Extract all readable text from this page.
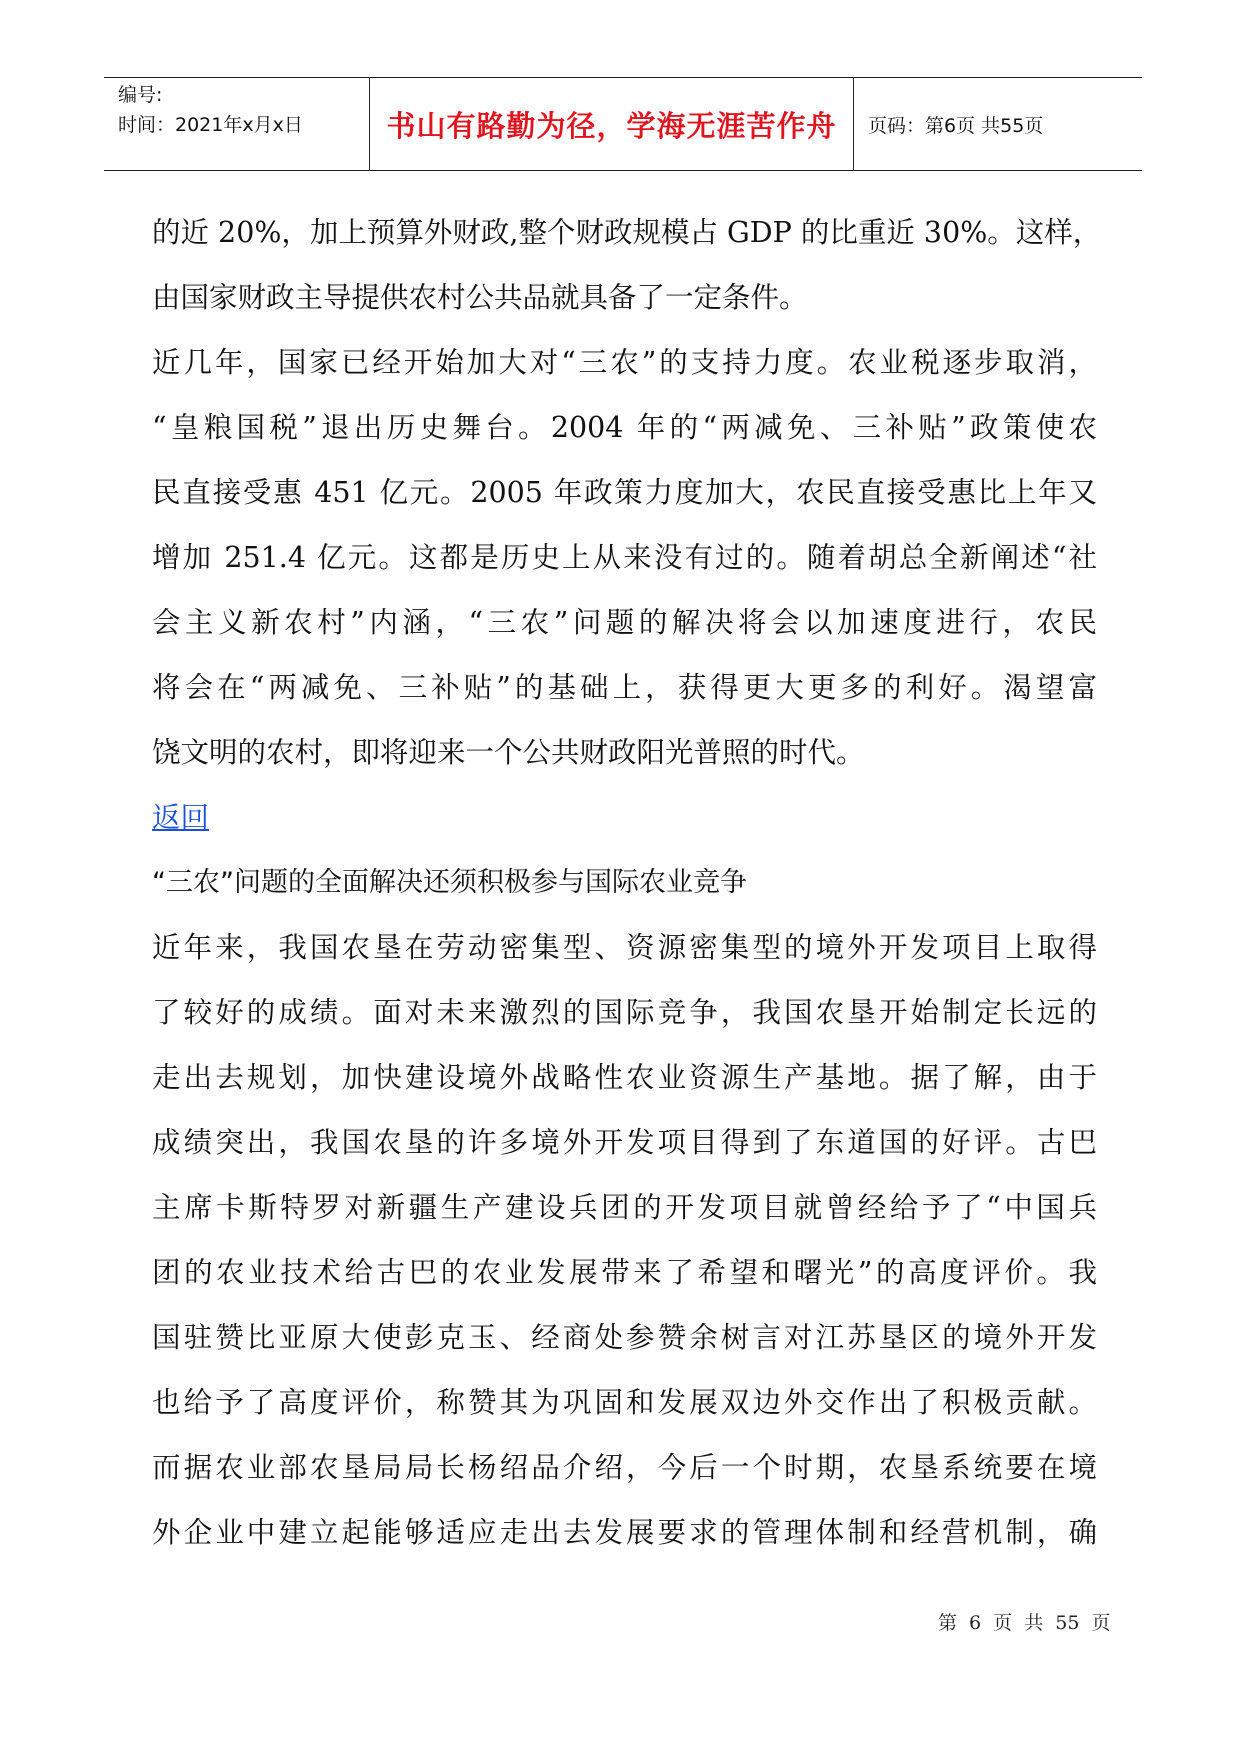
编号:
时间：2021年x月x日	书山有路勤为径，学海无涯苦作舟	页码：第6页 共55页
的近 20%，加上预算外财政,整个财政规模占 GDP 的比重近 30%。这样，
由国家财政主导提供农村公共品就具备了一定条件。
近几年，国家已经开始加大对“三农”的支持力度。农业税逐步取消，
“皇粮国税”退出历史舞台。2004 年的“两减免、三补贴”政策使农
民直接受惠 451 亿元。2005 年政策力度加大，农民直接受惠比上年又
增加 251.4 亿元。这都是历史上从来没有过的。随着胡总全新阐述“社
会主义新农村”内涵，“三农”问题的解决将会以加速度进行，农民
将会在“两减免、三补贴”的基础上，获得更大更多的利好。渴望富
饶文明的农村，即将迎来一个公共财政阳光普照的时代。
返回
“三农”问题的全面解决还须积极参与国际农业竞争
近年来，我国农垦在劳动密集型、资源密集型的境外开发项目上取得
了较好的成绩。面对未来激烈的国际竞争，我国农垦开始制定长远的
走出去规划，加快建设境外战略性农业资源生产基地。据了解，由于
成绩突出，我国农垦的许多境外开发项目得到了东道国的好评。古巴
主席卡斯特罗对新疆生产建设兵团的开发项目就曾经给予了“中国兵
团的农业技术给古巴的农业发展带来了希望和曙光”的高度评价。我
国驻赞比亚原大使彭克玉、经商处参赞余树言对江苏垦区的境外开发
也给予了高度评价，称赞其为巩固和发展双边外交作出了积极贡献。
而据农业部农垦局局长杨绍品介绍，今后一个时期，农垦系统要在境
外企业中建立起能够适应走出去发展要求的管理体制和经营机制，确
第 6 页 共 55 页
